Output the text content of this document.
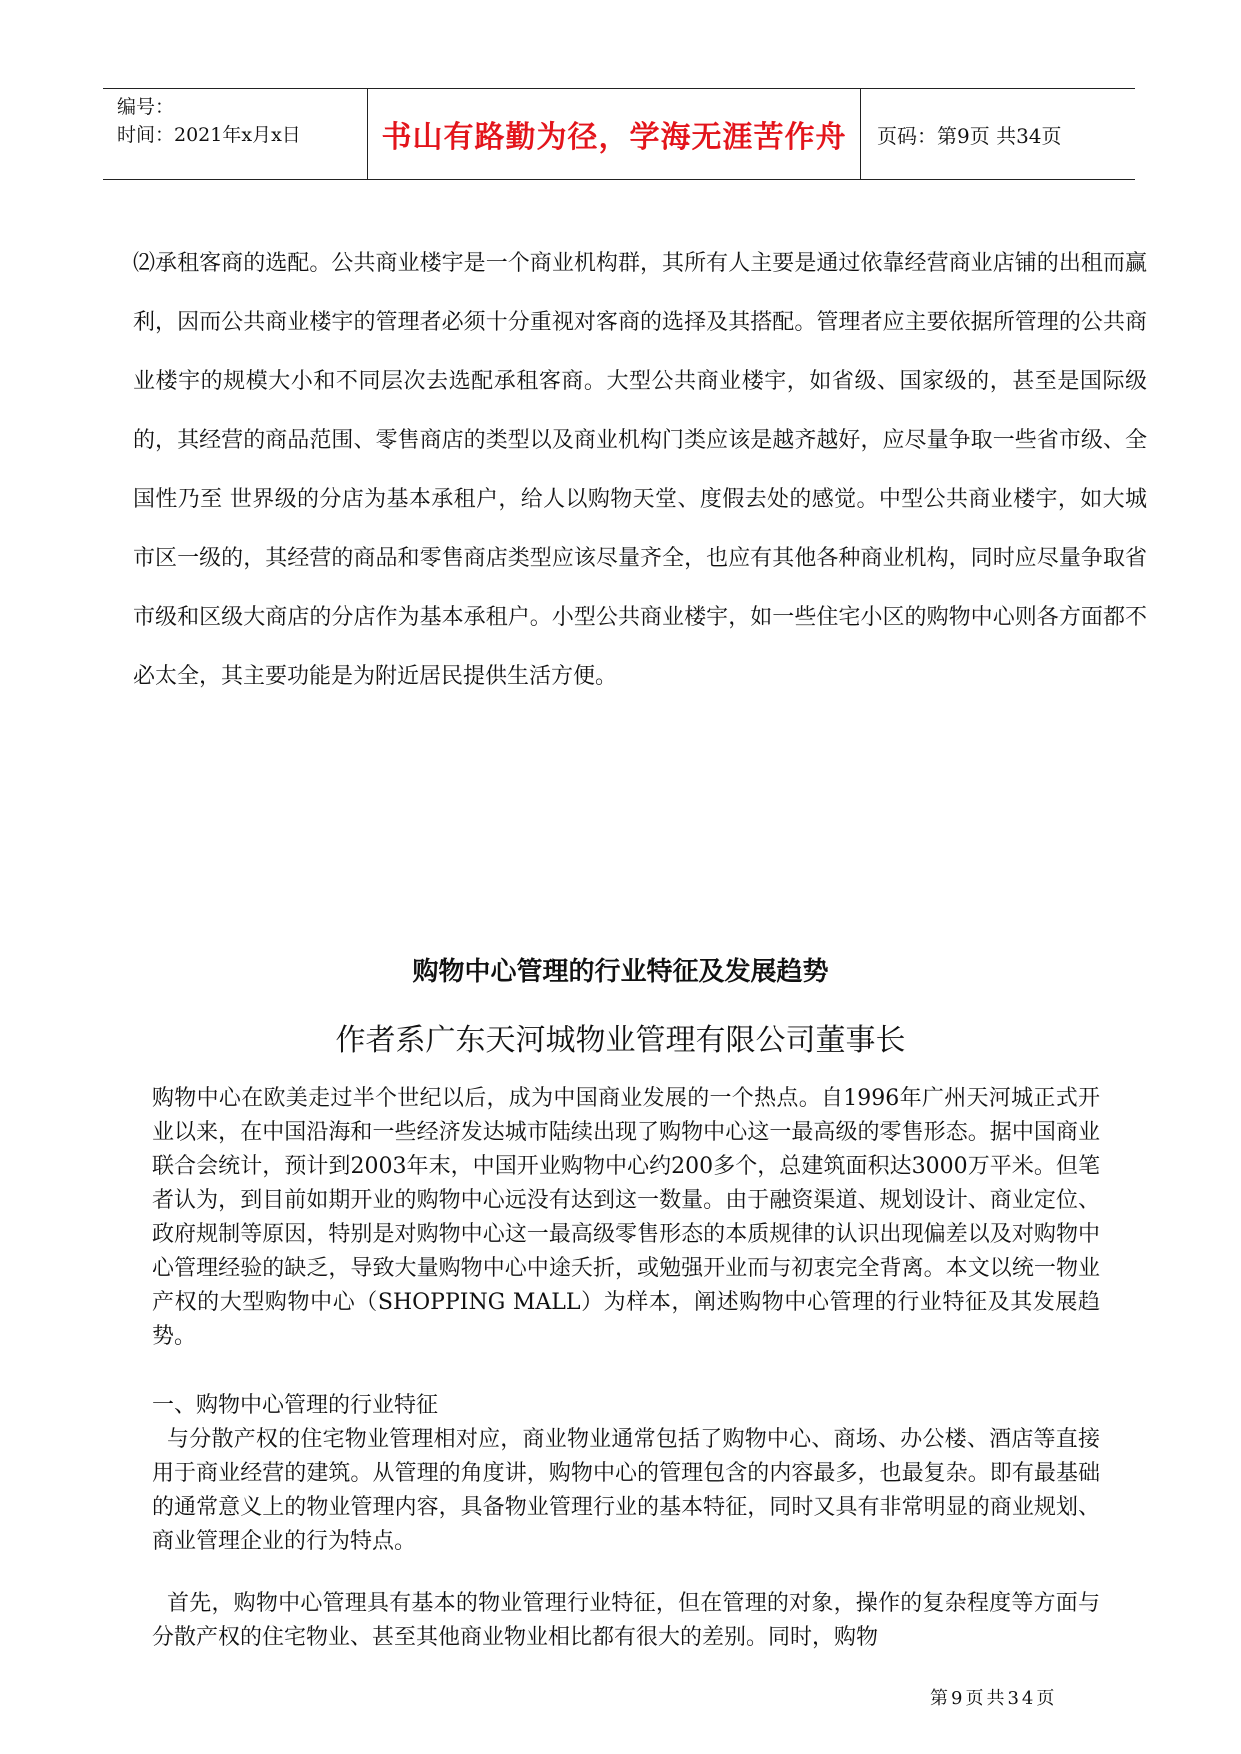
编号：
时间：2021年x月x日	书山有路勤为径，学海无涯苦作舟	页码：第9页 共34页
⑵承租客商的选配。公共商业楼宇是一个商业机构群，其所有人主要是通过依靠经营商业店铺的出租而赢利，因而公共商业楼宇的管理者必须十分重视对客商的选择及其搭配。管理者应主要依据所管理的公共商业楼宇的规模大小和不同层次去选配承租客商。大型公共商业楼宇，如省级、国家级的，甚至是国际级的，其经营的商品范围、零售商店的类型以及商业机构门类应该是越齐越好，应尽量争取一些省市级、全国性乃至 世界级的分店为基本承租户，给人以购物天堂、度假去处的感觉。中型公共商业楼宇，如大城市区一级的，其经营的商品和零售商店类型应该尽量齐全，也应有其他各种商业机构，同时应尽量争取省市级和区级大商店的分店作为基本承租户。小型公共商业楼宇，如一些住宅小区的购物中心则各方面都不必太全，其主要功能是为附近居民提供生活方便。
购物中心管理的行业特征及发展趋势
作者系广东天河城物业管理有限公司董事长
购物中心在欧美走过半个世纪以后，成为中国商业发展的一个热点。自1996年广州天河城正式开业以来，在中国沿海和一些经济发达城市陆续出现了购物中心这一最高级的零售形态。据中国商业联合会统计，预计到2003年末，中国开业购物中心约200多个，总建筑面积达3000万平米。但笔者认为，到目前如期开业的购物中心远没有达到这一数量。由于融资渠道、规划设计、商业定位、政府规制等原因，特别是对购物中心这一最高级零售形态的本质规律的认识出现偏差以及对购物中心管理经验的缺乏，导致大量购物中心中途夭折，或勉强开业而与初衷完全背离。本文以统一物业产权的大型购物中心（SHOPPING MALL）为样本，阐述购物中心管理的行业特征及其发展趋势。
一、购物中心管理的行业特征
与分散产权的住宅物业管理相对应，商业物业通常包括了购物中心、商场、办公楼、酒店等直接用于商业经营的建筑。从管理的角度讲，购物中心的管理包含的内容最多，也最复杂。即有最基础的通常意义上的物业管理内容，具备物业管理行业的基本特征，同时又具有非常明显的商业规划、商业管理企业的行为特点。
首先，购物中心管理具有基本的物业管理行业特征，但在管理的对象，操作的复杂程度等方面与分散产权的住宅物业、甚至其他商业物业相比都有很大的差别。同时，购物
第9页共34页
